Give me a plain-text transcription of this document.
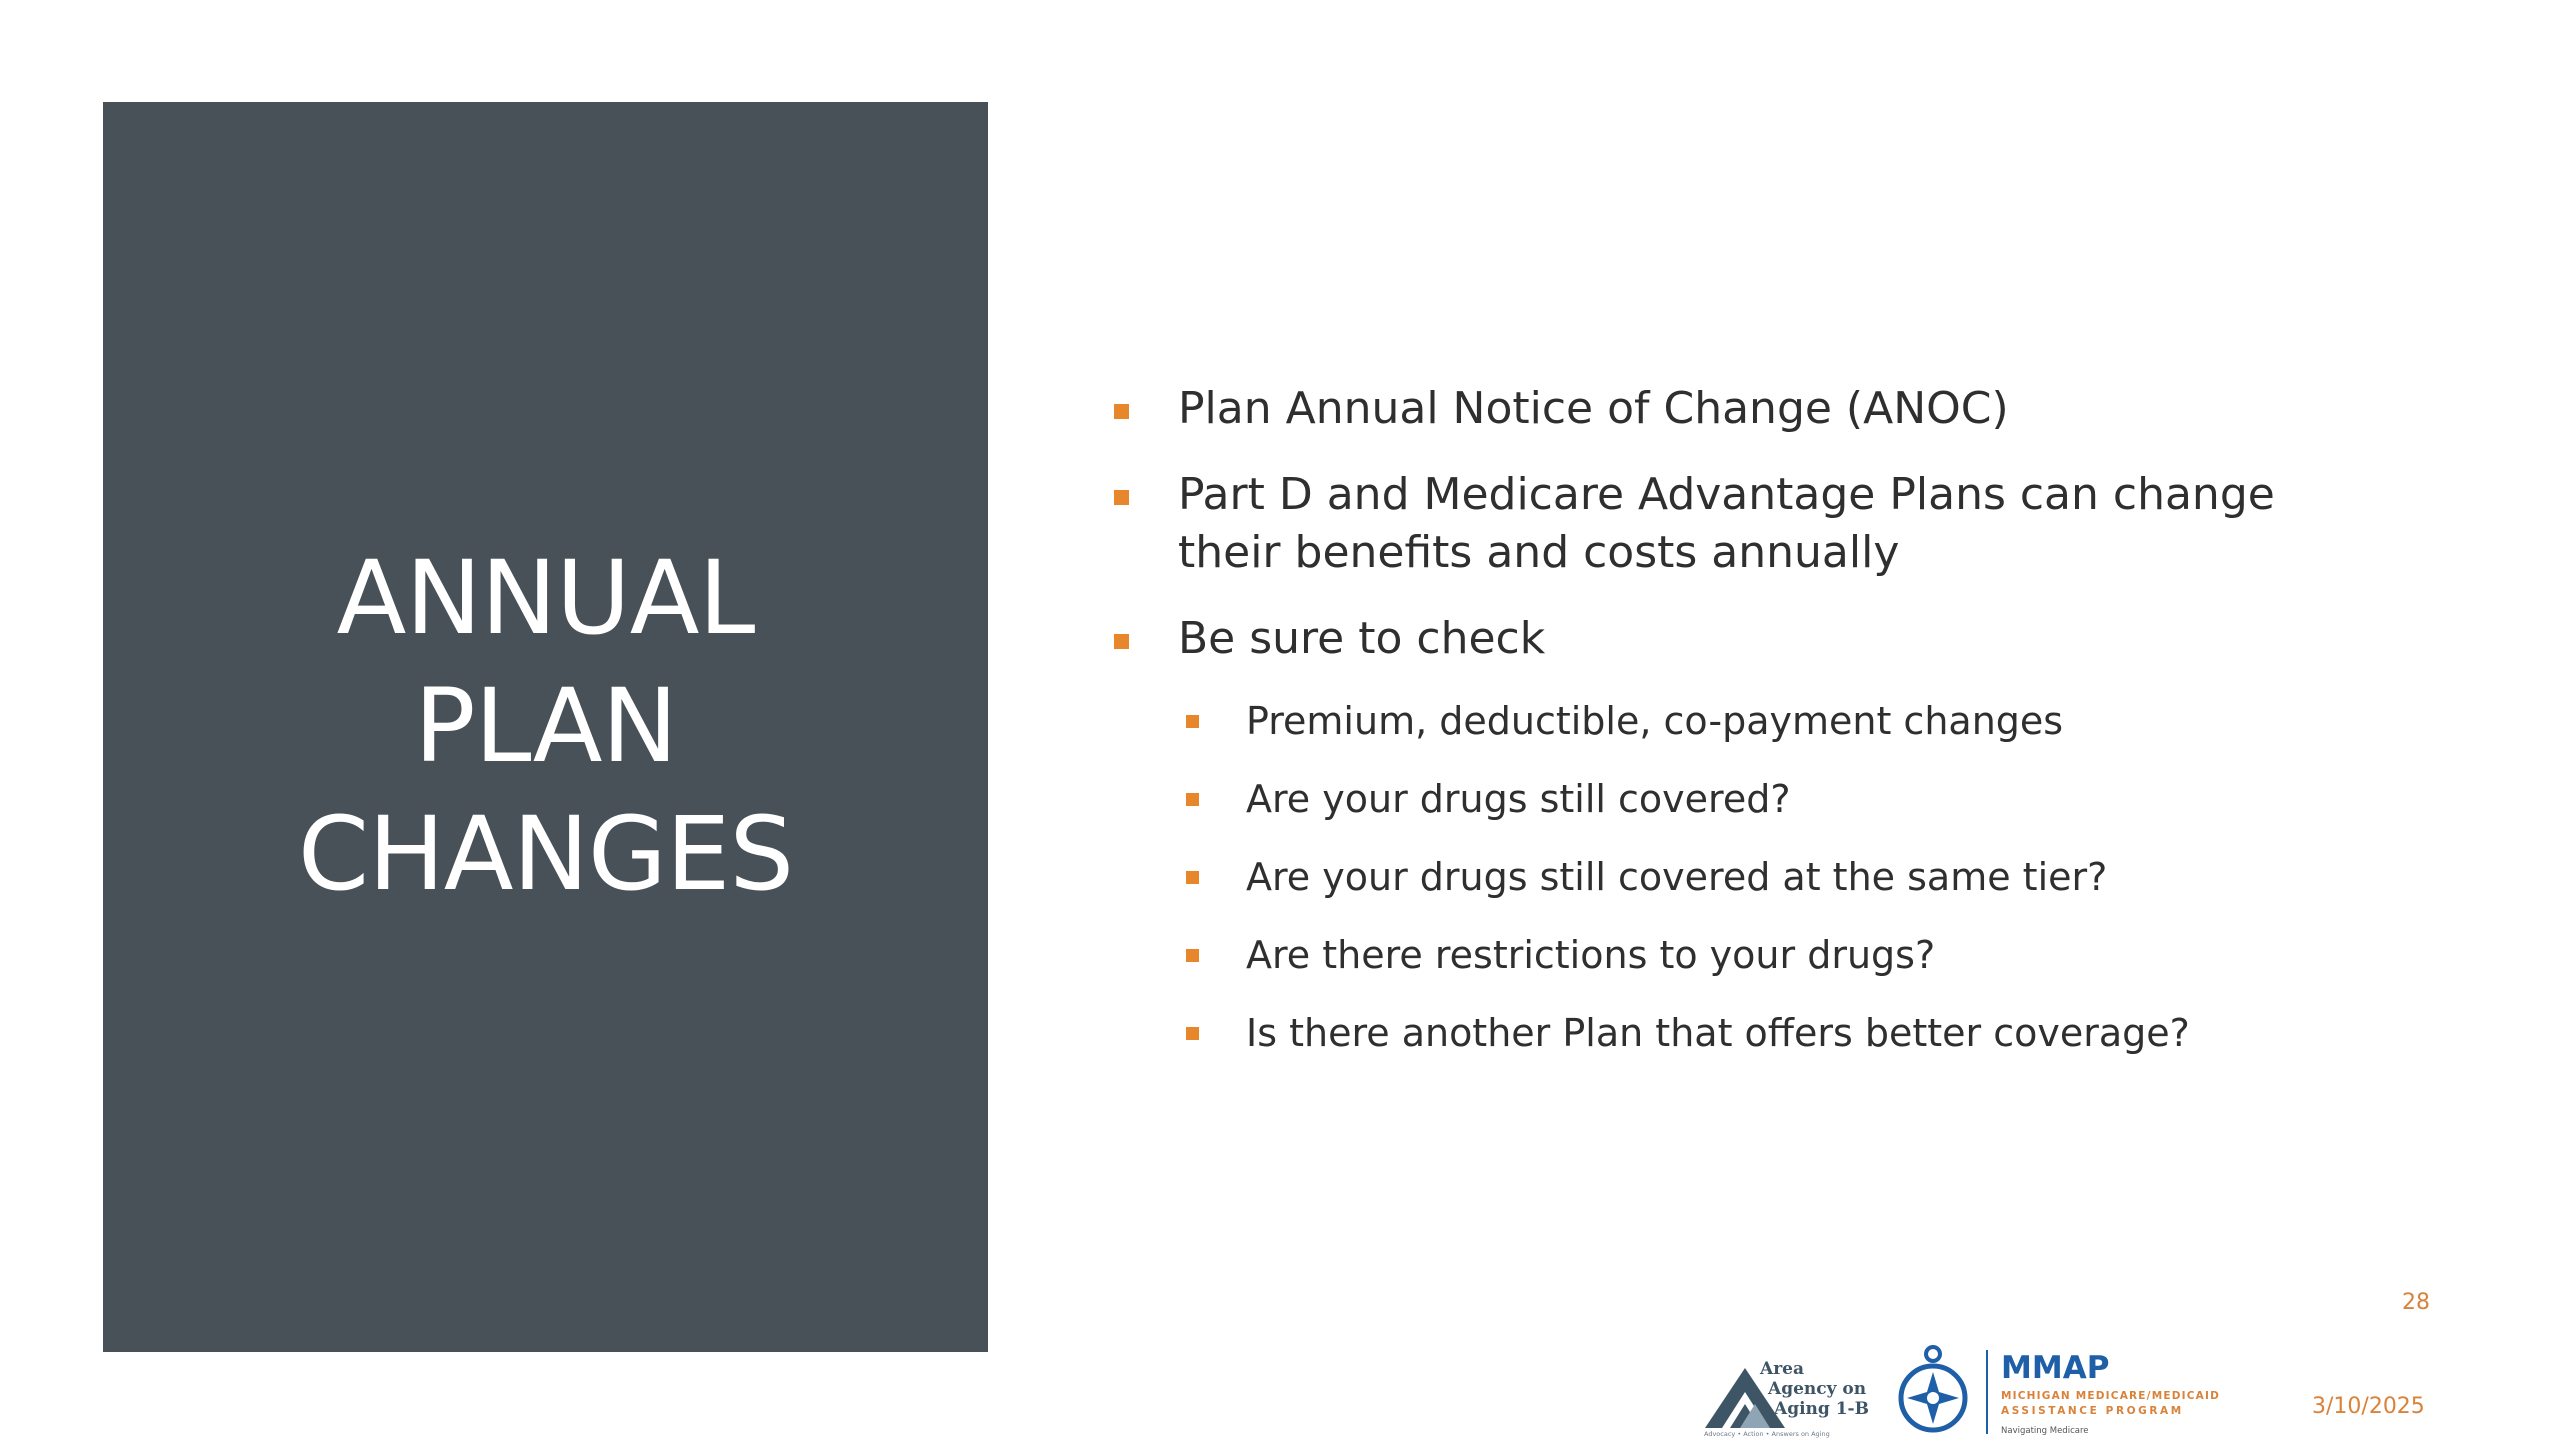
ANNUAL
PLAN
CHANGES
Plan Annual Notice of Change (ANOC)
Part D and Medicare Advantage Plans can change their benefits and costs annually
Be sure to check
Premium, deductible, co-payment changes
Are your drugs still covered?
Are your drugs still covered at the same tier?
Are there restrictions to your drugs?
Is there another Plan that offers better coverage?
28
Area
Agency on
Aging 1-B
Advocacy • Action • Answers on Aging
MMAP
MICHIGAN MEDICARE/MEDICAID
ASSISTANCE PROGRAM
Navigating Medicare
3/10/2025
